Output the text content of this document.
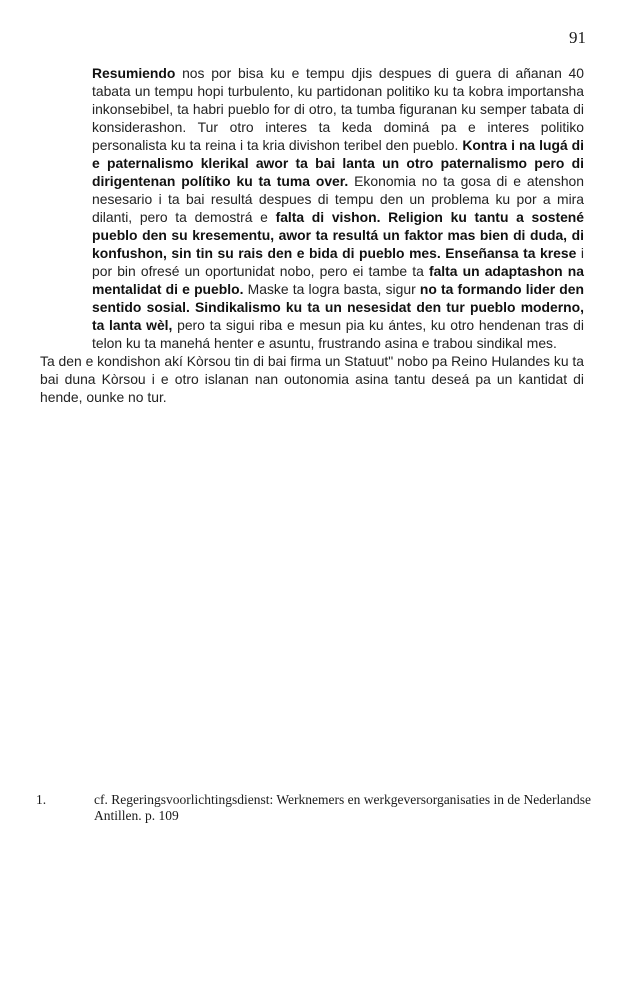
91

Resumiendo nos por bisa ku e tempu djis despues di guera di añanan 40 tabata un tempu hopi turbulento, ku partidonan politiko ku ta kobra importansha inkonsebibel, ta habri pueblo for di otro, ta tumba figuranan ku semper tabata di konsiderashon. Tur otro interes ta keda dominá pa e interes politiko personalista ku ta reina i ta kria divishon teribel den pueblo. Kontra i na lugá di e paternalismo klerikal awor ta bai lanta un otro paternalismo pero di dirigentenan polítiko ku ta tuma over. Ekonomia no ta gosa di e atenshon nesesario i ta bai resultá despues di tempu den un problema ku por a mira dilanti, pero ta demostrá e falta di vishon. Religion ku tantu a sostené pueblo den su kresementu, awor ta resultá un faktor mas bien di duda, di konfushon, sin tin su rais den e bida di pueblo mes. Enseñansa ta krese i por bin ofresé un oportunidat nobo, pero ei tambe ta falta un adaptashon na mentalidat di e pueblo. Maske ta logra basta, sigur no ta formando lider den sentido sosial. Sindikalismo ku ta un nesesidat den tur pueblo moderno, ta lanta wèl, pero ta sigui riba e mesun pia ku ántes, ku otro hendenan tras di telon ku ta manehá henter e asuntu, frustrando asina e trabou sindikal mes.

Ta den e kondishon akí Kòrsou tin di bai firma un Statuut" nobo pa Reino Hulandes ku ta bai duna Kòrsou i e otro islanan nan outonomia asina tantu deseá pa un kantidat di hende, ounke no tur.

1.	cf. Regeringsvoorlichtingsdienst: Werknemers en werkgeversorganisaties in de Nederlandse Antillen. p. 109
